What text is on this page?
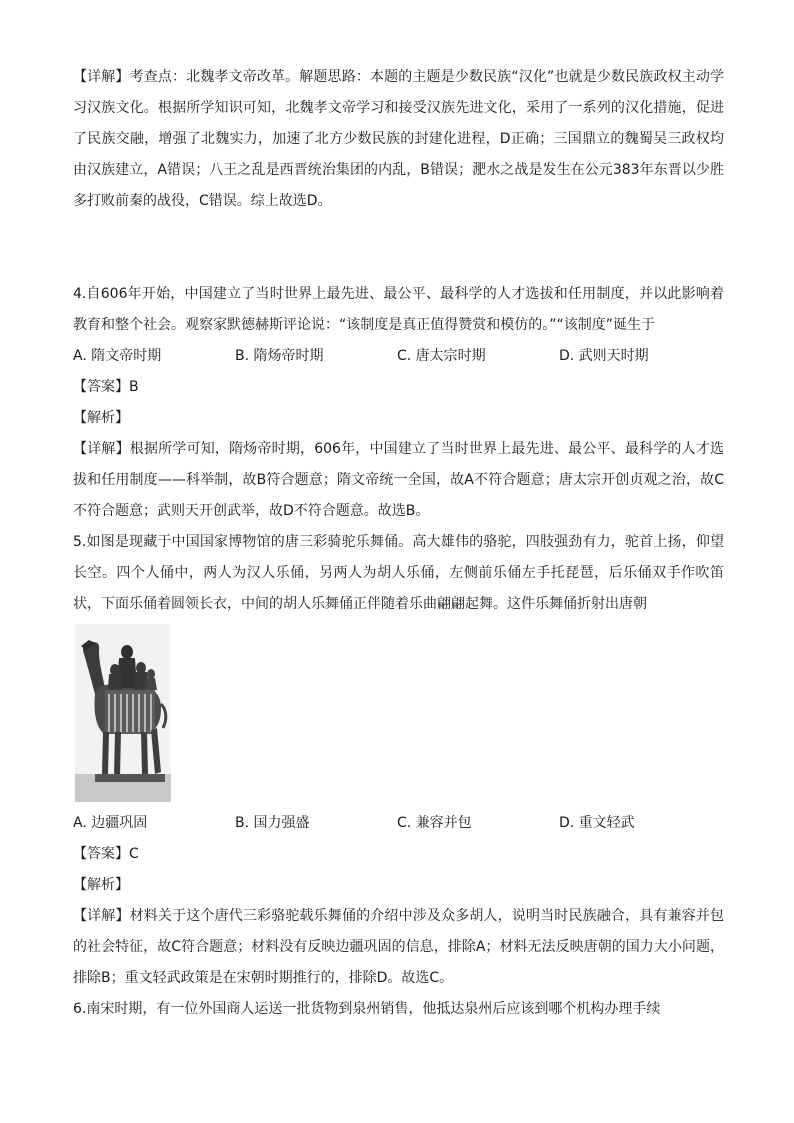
【详解】考查点：北魏孝文帝改革。解题思路：本题的主题是少数民族“汉化”也就是少数民族政权主动学习汉族文化。根据所学知识可知，北魏孝文帝学习和接受汉族先进文化，采用了一系列的汉化措施，促进了民族交融，增强了北魏实力，加速了北方少数民族的封建化进程，D正确；三国鼎立的魏蜀吴三政权均由汉族建立，A错误；八王之乱是西晋统治集团的内乱，B错误；淝水之战是发生在公元383年东晋以少胜多打败前秦的战役，C错误。综上故选D。

4.自606年开始，中国建立了当时世界上最先进、最公平、最科学的人才选拔和任用制度，并以此影响着教育和整个社会。观察家默德赫斯评论说：“该制度是真正值得赞赏和模仿的。”“该制度”诞生于

A. 隋文帝时期	B. 隋炀帝时期	C. 唐太宗时期	D. 武则天时期

【答案】B

【解析】

【详解】根据所学可知，隋炀帝时期，606年，中国建立了当时世界上最先进、最公平、最科学的人才选拔和任用制度——科举制，故B符合题意；隋文帝统一全国，故A不符合题意；唐太宗开创贞观之治，故C不符合题意；武则天开创武举，故D不符合题意。故选B。

5.如图是现藏于中国国家博物馆的唐三彩骑驼乐舞俑。高大雄伟的骆驼，四肢强劲有力，驼首上扬，仰望长空。四个人俑中，两人为汉人乐俑，另两人为胡人乐俑，左侧前乐俑左手托琵琶，后乐俑双手作吹笛状，下面乐俑着圆领长衣，中间的胡人乐舞俑正伴随着乐曲翩翩起舞。这件乐舞俑折射出唐朝

A. 边疆巩固	B. 国力强盛	C. 兼容并包	D. 重文轻武

【答案】C

【解析】

【详解】材料关于这个唐代三彩骆驼载乐舞俑的介绍中涉及众多胡人，说明当时民族融合，具有兼容并包的社会特征，故C符合题意；材料没有反映边疆巩固的信息，排除A；材料无法反映唐朝的国力大小问题，排除B；重文轻武政策是在宋朝时期推行的，排除D。故选C。

6.南宋时期，有一位外国商人运送一批货物到泉州销售，他抵达泉州后应该到哪个机构办理手续
